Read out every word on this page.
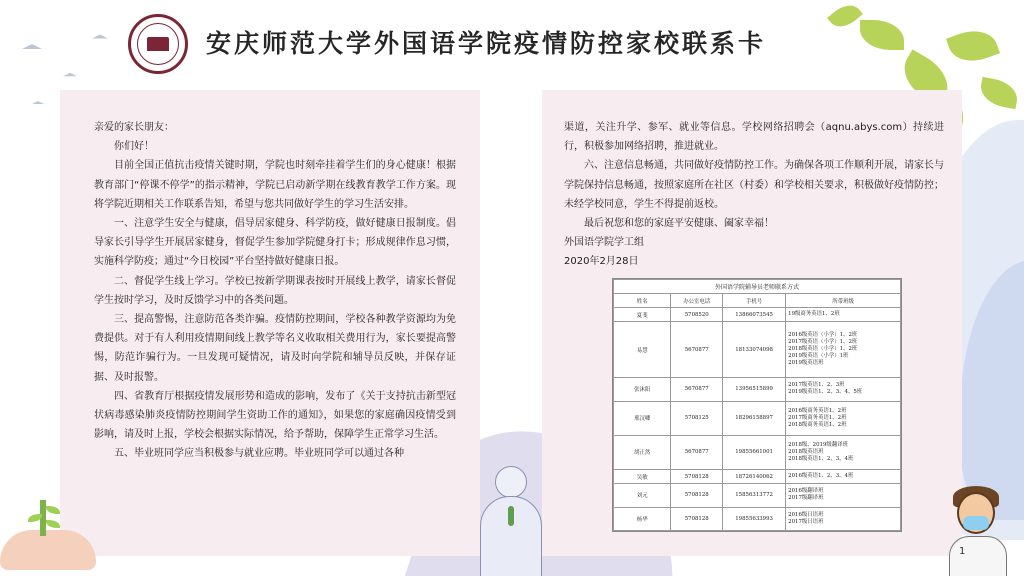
安庆师范大学外国语学院疫情防控家校联系卡

亲爱的家长朋友：

你们好！

目前全国正值抗击疫情关键时期，学院也时刻牵挂着学生们的身心健康！根据教育部门“停课不停学”的指示精神，学院已启动新学期在线教育教学工作方案。现将学院近期相关工作联系告知，希望与您共同做好学生的学习生活安排。

一、注意学生安全与健康，倡导居家健身、科学防疫，做好健康日报制度。倡导家长引导学生开展居家健身，督促学生参加学院健身打卡；形成规律作息习惯，实施科学防疫；通过“今日校园”平台坚持做好健康日报。

二、督促学生线上学习。学校已按新学期课表按时开展线上教学，请家长督促学生按时学习，及时反馈学习中的各类问题。

三、提高警惕，注意防范各类诈骗。疫情防控期间，学校各种教学资源均为免费提供。对于有人利用疫情期间线上教学等名义收取相关费用行为，家长要提高警惕，防范诈骗行为。一旦发现可疑情况，请及时向学院和辅导员反映，并保存证据、及时报警。

四、省教育厅根据疫情发展形势和造成的影响，发布了《关于支持抗击新型冠状病毒感染肺炎疫情防控期间学生资助工作的通知》，如果您的家庭确因疫情受到影响，请及时上报，学校会根据实际情况，给予帮助，保障学生正常学习生活。

五、毕业班同学应当积极参与就业应聘。毕业班同学可以通过各种

渠道，关注升学、参军、就业等信息。学校网络招聘会（aqnu.abys.com）持续进行，积极参加网络招聘，推进就业。

六、注意信息畅通，共同做好疫情防控工作。为确保各项工作顺利开展，请家长与学院保持信息畅通，按照家庭所在社区（村委）和学校相关要求，积极做好疫情防控；未经学校同意，学生不得提前返校。

最后祝您和您的家庭平安健康、阖家幸福！

外国语学院学工组

2020年2月28日

外国语学院辅导员老师联系方式			
姓名	办公室电话	手机号	所带班级
夏斐	5708520	13866073545	19级商务英语1、2班

易慧	5670877	18133074098	2016级英语（小学）1、2班
2017级英语（小学）1、2班
2018级英语（小学）1、2班
2019级英语（小学）1班
2019级英语班

张沐阳	5670877	13956515899	2017级英语1、2、3班
2019级英语1、2、3、4、5班

邢汉卿	5708125	18296158897	2016级商务英语1、2班
2017级商务英语1、2班
2018级商务英语1、2班

胡正然	5670877	19855661001	2018级、2019级翻译班
2018级英语班
2018级英语1、2、3、4班

吴敏	5708128	18726140062	2016级英语1、2、3、4班

刘元	5708128	15856313772	2016级翻译班
2017级翻译班

杨华	5708128	19855633993	2016级日语班
2017级日语班
1
